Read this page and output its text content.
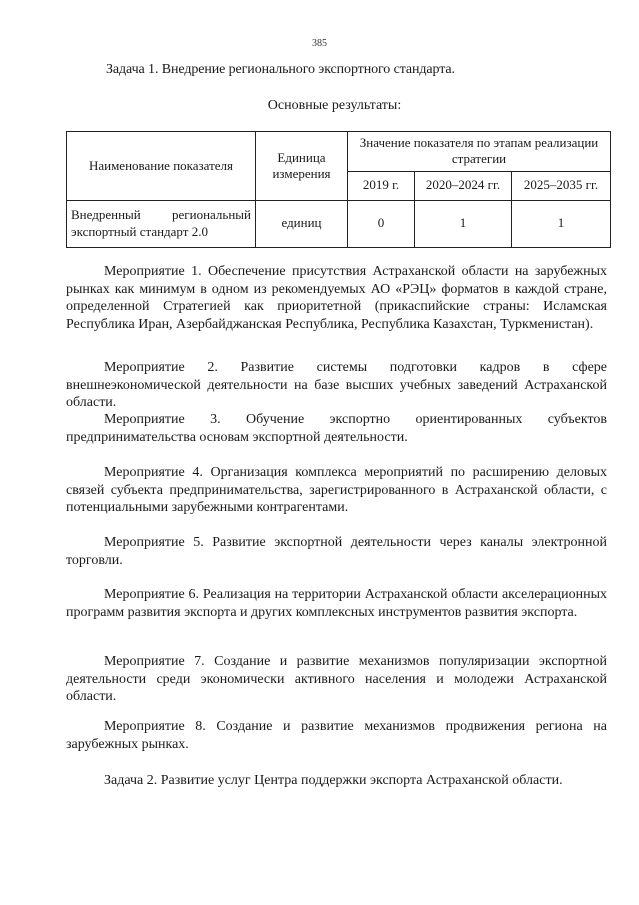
385
Задача 1. Внедрение регионального экспортного стандарта.
Основные результаты:
Наименование показателя	Единица измерения	Значение показателя по этапам реализации стратегии		
		2019 г.	2020–2024 гг.	2025–2035 гг.
Внедренный региональный экспортный стандарт 2.0	единиц	0	1	1

Мероприятие 1. Обеспечение присутствия Астраханской области на зарубежных рынках как минимум в одном из рекомендуемых АО «РЭЦ» форматов в каждой стране, определенной Стратегией как приоритетной (прикаспийские страны: Исламская Республика Иран, Азербайджанская Республика, Республика Казахстан, Туркменистан).

Мероприятие 2. Развитие системы подготовки кадров в сфере внешнеэкономической деятельности на базе высших учебных заведений Астраханской области.

Мероприятие 3. Обучение экспортно ориентированных субъектов предпринимательства основам экспортной деятельности.

Мероприятие 4. Организация комплекса мероприятий по расширению деловых связей субъекта предпринимательства, зарегистрированного в Астраханской области, с потенциальными зарубежными контрагентами.

Мероприятие 5. Развитие экспортной деятельности через каналы электронной торговли.

Мероприятие 6. Реализация на территории Астраханской области акселерационных программ развития экспорта и других комплексных инструментов развития экспорта.

Мероприятие 7. Создание и развитие механизмов популяризации экспортной деятельности среди экономически активного населения и молодежи Астраханской области.

Мероприятие 8. Создание и развитие механизмов продвижения региона на зарубежных рынках.

Задача 2. Развитие услуг Центра поддержки экспорта Астраханской области.
